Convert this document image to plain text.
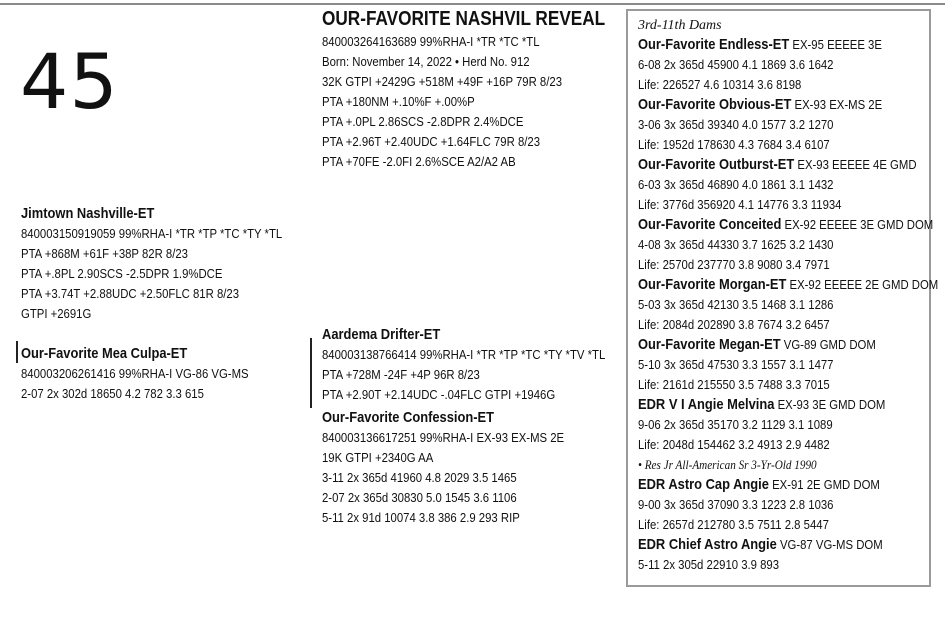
45
OUR-FAVORITE NASHVIL REVEAL
840003264163689 99%RHA-I *TR *TC *TL
Born: November 14, 2022 • Herd No. 912
32K GTPI +2429G +518M +49F +16P 79R 8/23
PTA +180NM +.10%F +.00%P
PTA +.0PL 2.86SCS -2.8DPR 2.4%DCE
PTA +2.96T +2.40UDC +1.64FLC 79R 8/23
PTA +70FE -2.0FI 2.6%SCE A2/A2 AB
Jimtown Nashville-ET
840003150919059 99%RHA-I *TR *TP *TC *TY *TL
PTA +868M +61F +38P 82R 8/23
PTA +.8PL 2.90SCS -2.5DPR 1.9%DCE
PTA +3.74T +2.88UDC +2.50FLC 81R 8/23
GTPI +2691G
Our-Favorite Mea Culpa-ET
840003206261416 99%RHA-I VG-86 VG-MS
2-07 2x 302d 18650 4.2 782 3.3 615
Aardema Drifter-ET
840003138766414 99%RHA-I *TR *TP *TC *TY *TV *TL
PTA +728M -24F +4P 96R 8/23
PTA +2.90T +2.14UDC -.04FLC GTPI +1946G
Our-Favorite Confession-ET
840003136617251 99%RHA-I EX-93 EX-MS 2E
19K GTPI +2340G AA
3-11 2x 365d 41960 4.8 2029 3.5 1465
2-07 2x 365d 30830 5.0 1545 3.6 1106
5-11 2x 91d 10074 3.8 386 2.9 293 RIP
3rd-11th Dams
Our-Favorite Endless-ET EX-95 EEEEE 3E
6-08 2x 365d 45900 4.1 1869 3.6 1642
Life: 226527 4.6 10314 3.6 8198
Our-Favorite Obvious-ET EX-93 EX-MS 2E
3-06 3x 365d 39340 4.0 1577 3.2 1270
Life: 1952d 178630 4.3 7684 3.4 6107
Our-Favorite Outburst-ET EX-93 EEEEE 4E GMD
6-03 3x 365d 46890 4.0 1861 3.1 1432
Life: 3776d 356920 4.1 14776 3.3 11934
Our-Favorite Conceited EX-92 EEEEE 3E GMD DOM
4-08 3x 365d 44330 3.7 1625 3.2 1430
Life: 2570d 237770 3.8 9080 3.4 7971
Our-Favorite Morgan-ET EX-92 EEEEE 2E GMD DOM
5-03 3x 365d 42130 3.5 1468 3.1 1286
Life: 2084d 202890 3.8 7674 3.2 6457
Our-Favorite Megan-ET VG-89 GMD DOM
5-10 3x 365d 47530 3.3 1557 3.1 1477
Life: 2161d 215550 3.5 7488 3.3 7015
EDR V I Angie Melvina EX-93 3E GMD DOM
9-06 2x 365d 35170 3.2 1129 3.1 1089
Life: 2048d 154462 3.2 4913 2.9 4482
• Res Jr All-American Sr 3-Yr-Old 1990
EDR Astro Cap Angie EX-91 2E GMD DOM
9-00 3x 365d 37090 3.3 1223 2.8 1036
Life: 2657d 212780 3.5 7511 2.8 5447
EDR Chief Astro Angie VG-87 VG-MS DOM
5-11 2x 305d 22910 3.9 893
